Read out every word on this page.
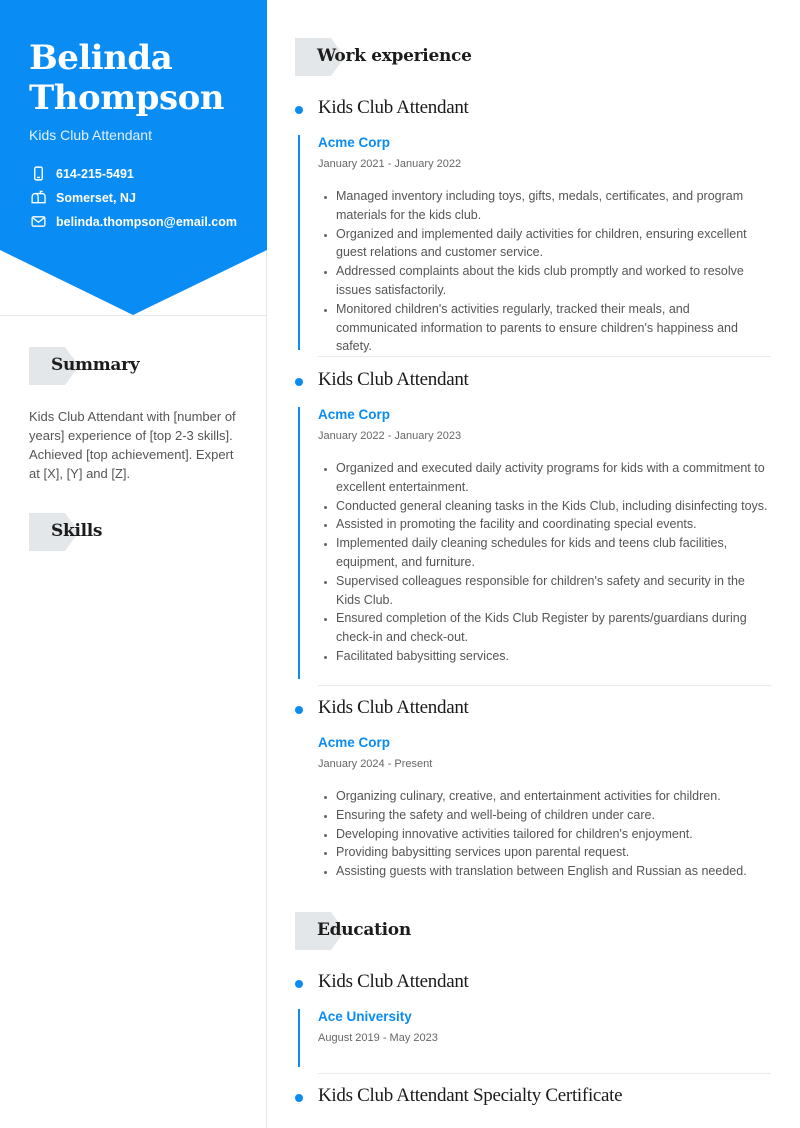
Belinda
Thompson
Kids Club Attendant
614-215-5491
Somerset, NJ
belinda.thompson@email.com
Summary

Kids Club Attendant with [number of years] experience of [top 2-3 skills]. Achieved [top achievement]. Expert at [X], [Y] and [Z].

Skills
Work experience
Kids Club Attendant
Acme Corp
January 2021 - January 2022
• Managed inventory including toys, gifts, medals, certificates, and program materials for the kids club.
• Organized and implemented daily activities for children, ensuring excellent guest relations and customer service.
• Addressed complaints about the kids club promptly and worked to resolve issues satisfactorily.
• Monitored children's activities regularly, tracked their meals, and communicated information to parents to ensure children's happiness and safety.
Kids Club Attendant
Acme Corp
January 2022 - January 2023
• Organized and executed daily activity programs for kids with a commitment to excellent entertainment.
• Conducted general cleaning tasks in the Kids Club, including disinfecting toys.
• Assisted in promoting the facility and coordinating special events.
• Implemented daily cleaning schedules for kids and teens club facilities, equipment, and furniture.
• Supervised colleagues responsible for children's safety and security in the Kids Club.
• Ensured completion of the Kids Club Register by parents/guardians during check-in and check-out.
• Facilitated babysitting services.
Kids Club Attendant
Acme Corp
January 2024 - Present
• Organizing culinary, creative, and entertainment activities for children.
• Ensuring the safety and well-being of children under care.
• Developing innovative activities tailored for children's enjoyment.
• Providing babysitting services upon parental request.
• Assisting guests with translation between English and Russian as needed.
Education
Kids Club Attendant
Ace University
August 2019 - May 2023
Kids Club Attendant Specialty Certificate
